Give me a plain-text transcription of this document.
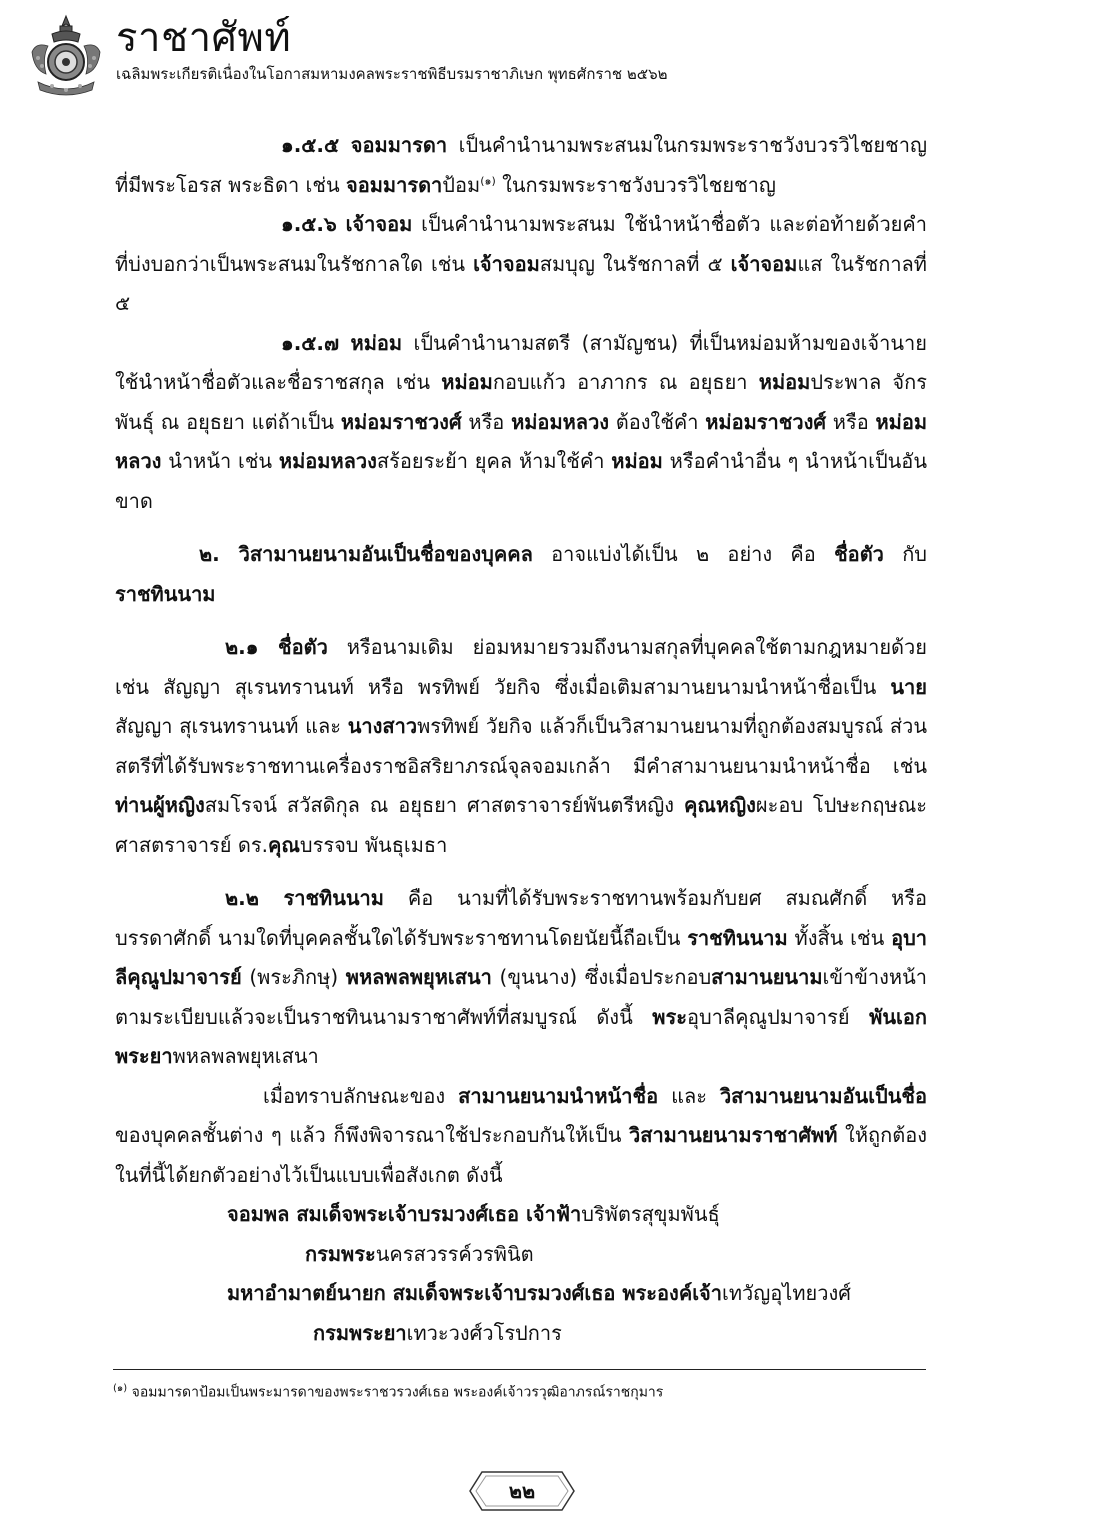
ราชาศัพท์
เฉลิมพระเกียรติเนื่องในโอกาสมหามงคลพระราชพิธีบรมราชาภิเษก พุทธศักราช ๒๕๖๒

๑.๕.๕ จอมมารดา เป็นคำนำนามพระสนมในกรมพระราชวังบวรวิไชยชาญ ที่มีพระโอรส พระธิดา เช่น จอมมารดาป้อม$^{(๑)}$ ในกรมพระราชวังบวรวิไชยชาญ

๑.๕.๖ เจ้าจอม เป็นคำนำนามพระสนม ใช้นำหน้าชื่อตัว และต่อท้ายด้วยคำที่บ่งบอกว่าเป็นพระสนมในรัชกาลใด เช่น เจ้าจอมสมบุญ ในรัชกาลที่ ๕ เจ้าจอมแส ในรัชกาลที่ ๕

๑.๕.๗ หม่อม เป็นคำนำนามสตรี (สามัญชน) ที่เป็นหม่อมห้ามของเจ้านาย ใช้นำหน้าชื่อตัวและชื่อราชสกุล เช่น หม่อมกอบแก้ว อาภากร ณ อยุธยา หม่อมประพาล จักรพันธุ์ ณ อยุธยา แต่ถ้าเป็น หม่อมราชวงศ์ หรือ หม่อมหลวง ต้องใช้คำ หม่อมราชวงศ์ หรือ หม่อมหลวง นำหน้า เช่น หม่อมหลวงสร้อยระย้า ยุคล ห้ามใช้คำ หม่อม หรือคำนำอื่น ๆ นำหน้าเป็นอันขาด

๒. วิสามานยนามอันเป็นชื่อของบุคคล อาจแบ่งได้เป็น ๒ อย่าง คือ ชื่อตัว กับ ราชทินนาม

๒.๑ ชื่อตัว หรือนามเดิม ย่อมหมายรวมถึงนามสกุลที่บุคคลใช้ตามกฎหมายด้วย เช่น สัญญา สุเรนทรานนท์ หรือ พรทิพย์ วัยกิจ ซึ่งเมื่อเติมสามานยนามนำหน้าชื่อเป็น นายสัญญา สุเรนทรานนท์ และ นางสาวพรทิพย์ วัยกิจ แล้วก็เป็นวิสามานยนามที่ถูกต้องสมบูรณ์ ส่วนสตรีที่ได้รับพระราชทานเครื่องราชอิสริยาภรณ์จุลจอมเกล้า มีคำสามานยนามนำหน้าชื่อ เช่น ท่านผู้หญิงสมโรจน์ สวัสดิกุล ณ อยุธยา ศาสตราจารย์พันตรีหญิง คุณหญิงผะอบ โปษะกฤษณะ ศาสตราจารย์ ดร.คุณบรรจบ พันธุเมธา

๒.๒ ราชทินนาม คือ นามที่ได้รับพระราชทานพร้อมกับยศ สมณศักดิ์ หรือบรรดาศักดิ์ นามใดที่บุคคลชั้นใดได้รับพระราชทานโดยนัยนี้ถือเป็น ราชทินนาม ทั้งสิ้น เช่น อุบาลีคุณูปมาจารย์ (พระภิกษุ) พหลพลพยุหเสนา (ขุนนาง) ซึ่งเมื่อประกอบสามานยนามเข้าข้างหน้าตามระเบียบแล้วจะเป็นราชทินนามราชาศัพท์ที่สมบูรณ์ ดังนี้ พระอุบาลีคุณูปมาจารย์ พันเอก พระยาพหลพลพยุหเสนา

เมื่อทราบลักษณะของ สามานยนามนำหน้าชื่อ และ วิสามานยนามอันเป็นชื่อ ของบุคคลชั้นต่าง ๆ แล้ว ก็พึงพิจารณาใช้ประกอบกันให้เป็น วิสามานยนามราชาศัพท์ ให้ถูกต้อง ในที่นี้ได้ยกตัวอย่างไว้เป็นแบบเพื่อสังเกต ดังนี้

จอมพล สมเด็จพระเจ้าบรมวงศ์เธอ เจ้าฟ้าบริพัตรสุขุมพันธุ์

กรมพระนครสวรรค์วรพินิต

มหาอำมาตย์นายก สมเด็จพระเจ้าบรมวงศ์เธอ พระองค์เจ้าเทวัญอุไทยวงศ์

กรมพระยาเทวะวงศ์วโรปการ

$^{(๑)}$ จอมมารดาป้อมเป็นพระมารดาของพระราชวรวงศ์เธอ พระองค์เจ้าวรวุฒิอาภรณ์ราชกุมาร
๒๒
